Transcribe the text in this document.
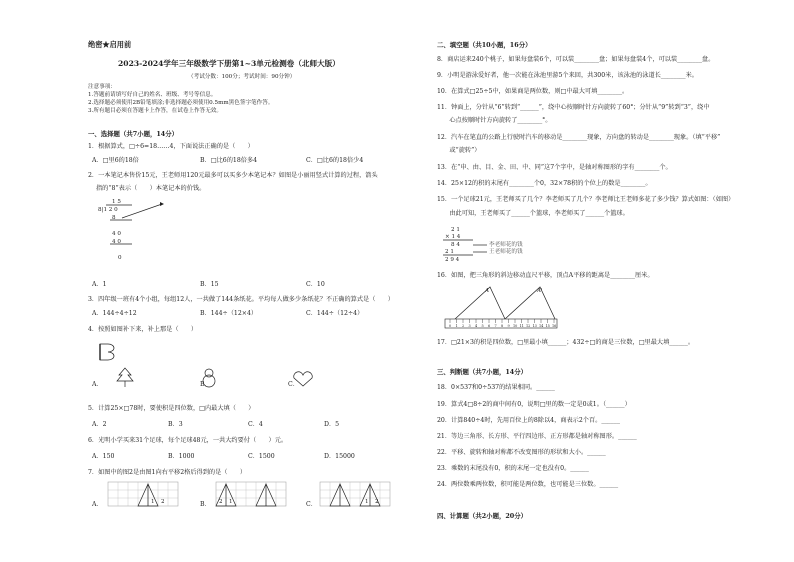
绝密★启用前
2023-2024学年三年级数学下册第1~3单元检测卷（北师大版）
（考试分数：100分；考试时间：90分钟）
注意事项：
1.答题前请填写好自己的姓名、班级、考号等信息。
2.选择题必须使用2B铅笔填涂;非选择题必须使用0.5mm黑色签字笔作答。
3.所有题目必须在答题卡上作答，在试卷上作答无效。
一、选择题（共7小题，14分）
1．根据算式，□÷6=18……4，下面说法正确的是（　　）
A．□里6的18倍	B．□比6的18倍多4	C．□比6的18倍少4
2．一本笔记本售价15元，王老师用120元最多可以买多少本笔记本？如图是小丽用竖式计算的过程，箭头
指的“8”表示（　　）本笔记本的价钱。
1 5
8|1 2 0
8
4 0
4 0
0
A．1	B．15	C．10
3．四年级一班有4个小组，每组12人，一共做了144条纸花。平均每人做多少条纸花？不正确的算式是（　　）
A．144÷4÷12	B．144÷（12×4）	C．144÷（12÷4）
4．按照如图补下来，补上那是（　　）
A．	B．	C．
5．计算25×□78时，要使积是四位数，□内最大填（　　）
A．2	B．3	C．4	D．5
6．光明小学买来31个足球，每个足球48元，一共大约要付（　　）元。
A．150	B．1000	C．1500	D．15000
7．如图中的图2是由图1向右平移2格后得到的是（　　）
A．	B．	C．
1 2	2 1	1 2
二、填空题（共10小题，16分）
8．商店运来240个桃子，如果每盘装6个，可以装________盘；如果每盘装4个，可以装________盘。
9．小明是游泳爱好者，他一次能在泳池里游5个来回，共300米，该泳池的泳道长________米。
10．在算式□25÷5中，如果商是两位数，则□中最大可填________。
11．钟面上，分针从“6”转到“______”，绕中心按顺时针方向旋转了60°；分针从“9”转到“3”，绕中
　　心点按顺时针方向旋转了________°。
12．汽车在笔直的公路上行驶时汽车的移动是________现象，方向盘的转动是________现象。（填“平移”
　　或“旋转”）
13．在“申、由、目、金、田、中、同”这7个字中，是轴对称图形的字有________个。
14．25×12的积的末尾有________个0，32×78积的个位上的数是________。
15．一个足球21元，王老师买了几个？李老师买了几个？李老师比王老师多花了多少钱？算式如图：（如图）
　　由此可知，王老师买了______个篮球，李老师买了______个篮球。
2 1
× 1 4
8 4
2 1
2 9 4
李老师花的钱
王老师花的钱
16．如图，把三角形的斜边移动直尺平移，顶点A平移的距离是________厘米。
A	A'
0 1 2 3 4 5 6 7 8 9 10 11 12 13 14 15 16
17．□21×3的积是四位数，□里最小填______；432÷□的商是三位数，□里最大填______。
三、判断题（共7小题，14分）
18．0×537和0÷537的结果相同。______
19．算式4□8÷2的商中间有0，说明□里的数一定是0或1。（______）
20．计算840÷4时，先用百位上的8除以4，商表示2个百。______
21．等边三角形、长方形、平行四边形、正方形都是轴对称图形。______
22．平移、旋转和轴对称都不改变图形的形状和大小。______
23．乘数的末尾没有0，积的末尾一定也没有0。______
24．两位数乘两位数，积可能是两位数，也可能是三位数。______
四、计算题（共2小题，20分）
